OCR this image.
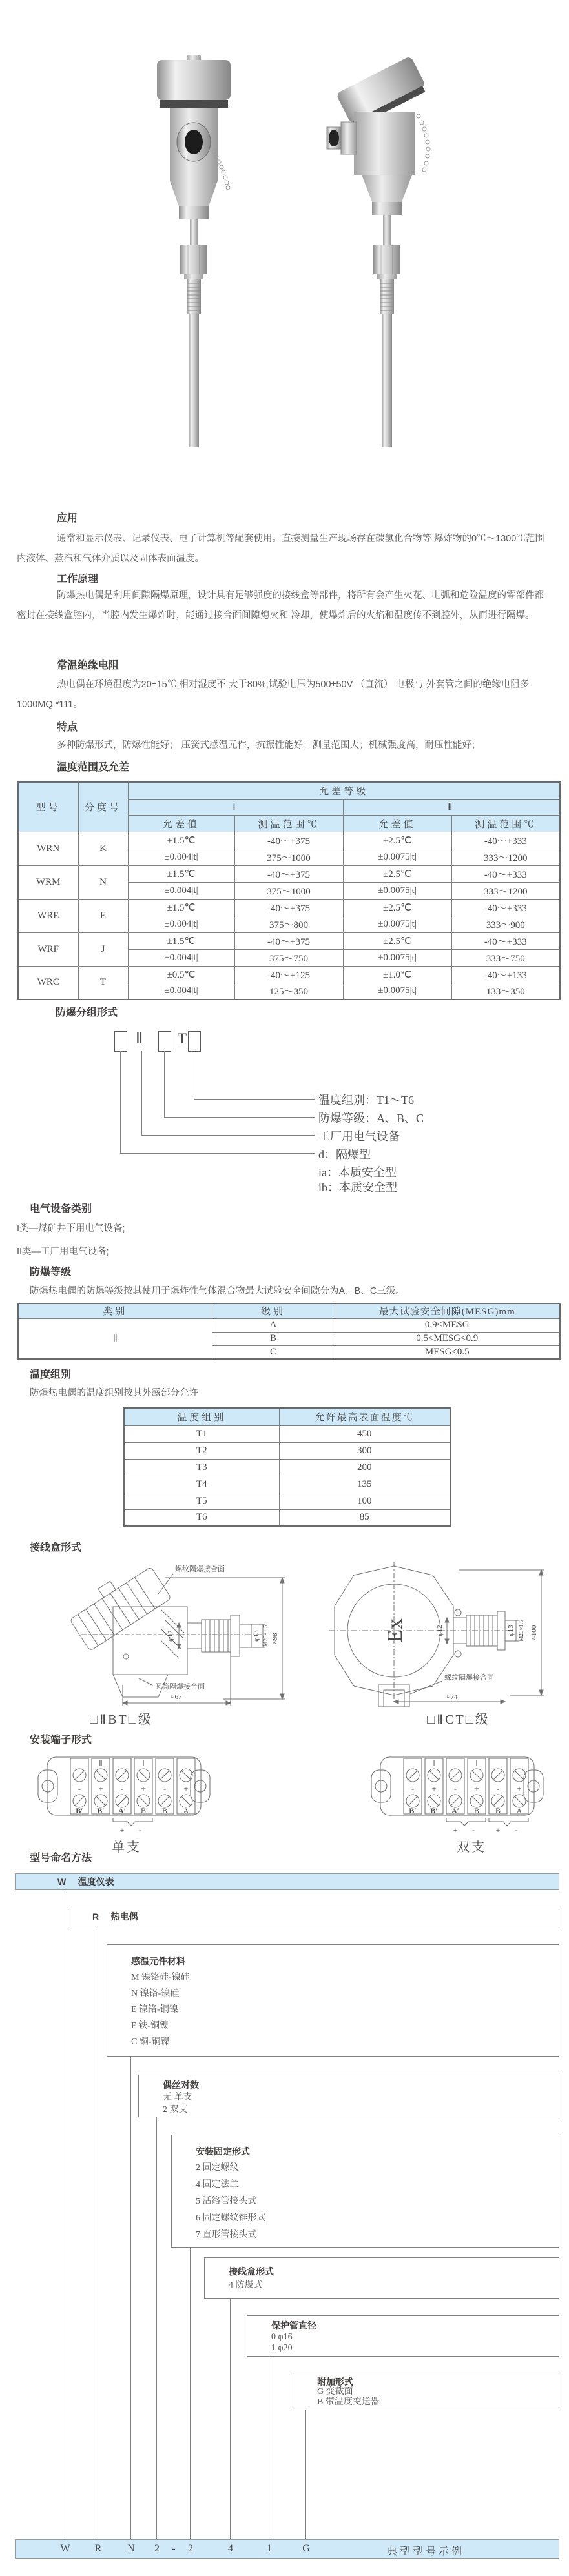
应用
通常和显示仪表、记录仪表、电子计算机等配套使用。直接测量生产现场存在碳氢化合物等 爆炸物的0℃～1300℃范围内液体、蒸汽和气体介质以及固体表面温度。
工作原理
防爆热电偶是利用间隙隔爆原理，设计具有足够强度的接线盒等部件，将所有会产生火花、电弧和危险温度的零部件都密封在接线盒腔内，当腔内发生爆炸时，能通过接合面间隙熄火和 冷却，使爆炸后的火焰和温度传不到腔外，从而进行隔爆。
常温绝缘电阻
热电偶在环境温度为20±15℃,相对湿度不 大于80%,试验电压为500±50V （直流） 电极与 外套管之间的绝缘电阻多1000MQ *111。
特点
多种防爆形式，防爆性能好； 压簧式感温元件，抗振性能好；测量范围大；机械强度高，耐压性能好；
温度范围及允差
型号	分度号	允差等级			
		Ⅰ		Ⅱ	
		允差值	测温范围℃	允差值	测温范围℃
WRN	K	±1.5℃	-40～+375	±2.5℃	-40～+333
		±0.004|t|	375～1000	±0.0075|t|	333～1200
WRM	N	±1.5℃	-40～+375	±2.5℃	-40～+333
		±0.004|t|	375～1000	±0.0075|t|	333～1200
WRE	E	±1.5℃	-40～+375	±2.5℃	-40～+333
		±0.004|t|	375～800	±0.0075|t|	333～900
WRF	J	±1.5℃	-40～+375	±2.5℃	-40～+333
		±0.004|t|	375～750	±0.0075|t|	333～750
WRC	T	±0.5℃	-40～+125	±1.0℃	-40～+133
		±0.004|t|	125～350	±0.0075|t|	133～350
防爆分组形式
Ⅱ T
温度组别：T1～T6
防爆等级：A、B、C
工厂用电气设备
d：隔爆型
ia：本质安全型
ib：本质安全型
电气设备类别
I类—煤矿井下用电气设备;
II类—工厂用电气设备;
防爆等级
防爆热电偶的防爆等级按其使用于爆炸性气体混合物最大试验安全间隙分为A、B、C三级。
类别	级别	最大试验安全间隙(MESG)mm
Ⅱ	A	0.9≤MESG
	B	0.5<MESG<0.9
	C	MESG≤0.5
温度组别
防爆热电偶的温度组别按其外露部分允许
温度组别	允许最高表面温度℃
T1	450
T2	300
T3	200
T4	135
T5	100
T6	85
接线盒形式
螺纹隔爆接合面
圆筒隔爆接合面
φ12	φ13 M20×1.5 ≈98
≈67
□ⅡBT□级
Ex	φ12	φ13 M20×1.5 ≈100
≈74
螺纹隔爆接合面
□ⅡCT□级
安装端子形式
Ⅱ	Ⅰ
- + - + - +
B′ B′ A′ B B A
+ -
单支
Ⅱ	Ⅰ
- + - + - +
B′ B′ A′ B B A
+ -	+ -
双支
型号命名方法
W 温度仪表
R 热电偶
感温元件材料
M 镍铬硅-镍硅
N 镍铬-镍硅
E 镍铬-铜镍
F 铁-铜镍
C 铜-铜镍
偶丝对数
无 单支
2 双支
安装固定形式
2 固定螺纹
4 固定法兰
5 活络管接头式
6 固定螺纹锥形式
7 直形管接头式
接线盒形式
4 防爆式
保护管直径
0 φ16
1 φ20
附加形式
G 变截面
B 带温度变送器
W	R	N	2	-	2	4	1	G	典型型号示例
